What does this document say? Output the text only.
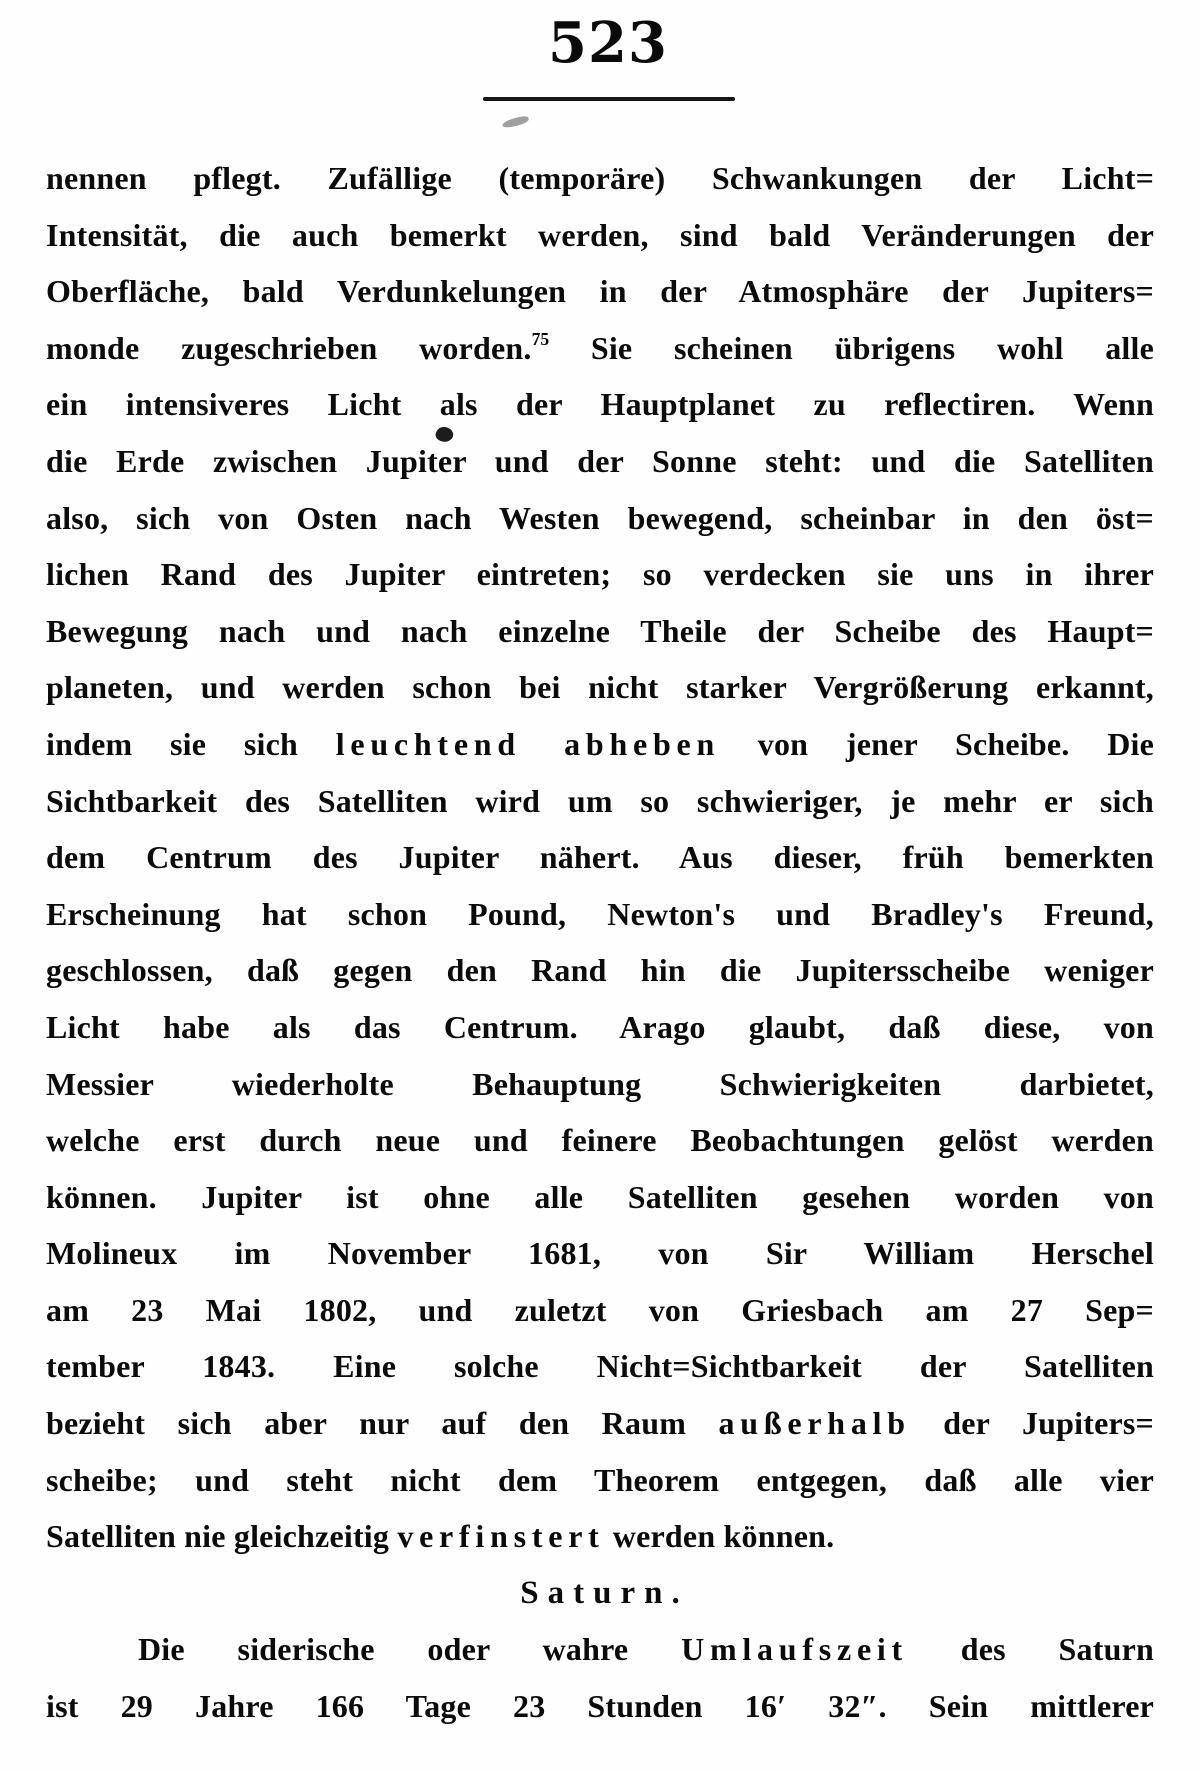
523
nennen pflegt. Zufällige (temporäre) Schwankungen der Licht=
Intensität, die auch bemerkt werden, sind bald Veränderungen der
Oberfläche, bald Verdunkelungen in der Atmosphäre der Jupiters=
monde zugeschrieben worden.$^{75}$ Sie scheinen übrigens wohl alle
ein intensiveres Licht als der Hauptplanet zu reflectiren. Wenn
die Erde zwischen Jupiter und der Sonne steht: und die Satelliten
also, sich von Osten nach Westen bewegend, scheinbar in den öst=
lichen Rand des Jupiter eintreten; so verdecken sie uns in ihrer
Bewegung nach und nach einzelne Theile der Scheibe des Haupt=
planeten, und werden schon bei nicht starker Vergrößerung erkannt,
indem sie sich leuchtend abheben von jener Scheibe. Die
Sichtbarkeit des Satelliten wird um so schwieriger, je mehr er sich
dem Centrum des Jupiter nähert. Aus dieser, früh bemerkten
Erscheinung hat schon Pound, Newton's und Bradley's Freund,
geschlossen, daß gegen den Rand hin die Jupitersscheibe weniger
Licht habe als das Centrum. Arago glaubt, daß diese, von
Messier wiederholte Behauptung Schwierigkeiten darbietet,
welche erst durch neue und feinere Beobachtungen gelöst werden
können. Jupiter ist ohne alle Satelliten gesehen worden von
Molineux im November 1681, von Sir William Herschel
am 23 Mai 1802, und zuletzt von Griesbach am 27 Sep=
tember 1843. Eine solche Nicht=Sichtbarkeit der Satelliten
bezieht sich aber nur auf den Raum außerhalb der Jupiters=
scheibe; und steht nicht dem Theorem entgegen, daß alle vier
Satelliten nie gleichzeitig verfinstert werden können.
Saturn.
Die siderische oder wahre Umlaufszeit des Saturn
ist 29 Jahre 166 Tage 23 Stunden 16′ 32″. Sein mittlerer
